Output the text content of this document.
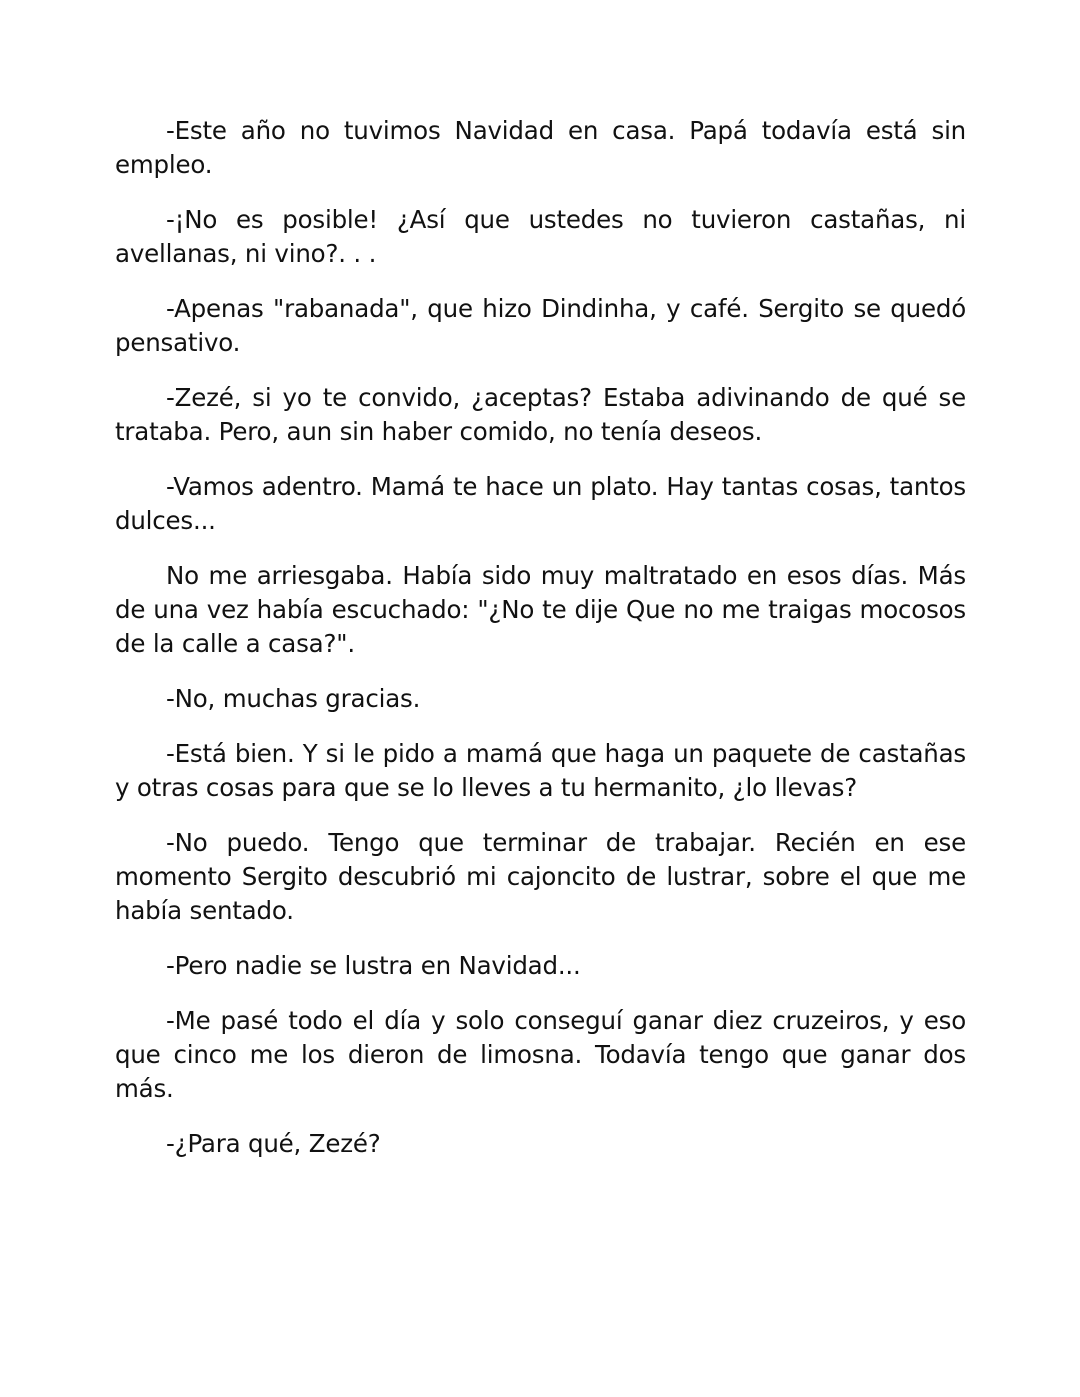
-Este año no tuvimos Navidad en casa. Papá todavía está sin empleo.

-¡No es posible! ¿Así que ustedes no tuvieron castañas, ni avellanas, ni vino?. . .

-Apenas "rabanada", que hizo Dindinha, y café. Sergito se quedó pensativo.

-Zezé, si yo te convido, ¿aceptas? Estaba adivinando de qué se trataba. Pero, aun sin haber comido, no tenía deseos.

-Vamos adentro. Mamá te hace un plato. Hay tantas cosas, tantos dulces...

No me arriesgaba. Había sido muy maltratado en esos días. Más de una vez había escuchado: "¿No te dije Que no me traigas mocosos de la calle a casa?".

-No, muchas gracias.

-Está bien. Y si le pido a mamá que haga un paquete de castañas y otras cosas para que se lo lleves a tu hermanito, ¿lo llevas?

-No puedo. Tengo que terminar de trabajar. Recién en ese momento Sergito descubrió mi cajoncito de lustrar, sobre el que me había sentado.

-Pero nadie se lustra en Navidad...

-Me pasé todo el día y solo conseguí ganar diez cruzeiros, y eso que cinco me los dieron de limosna. Todavía tengo que ganar dos más.

-¿Para qué, Zezé?
